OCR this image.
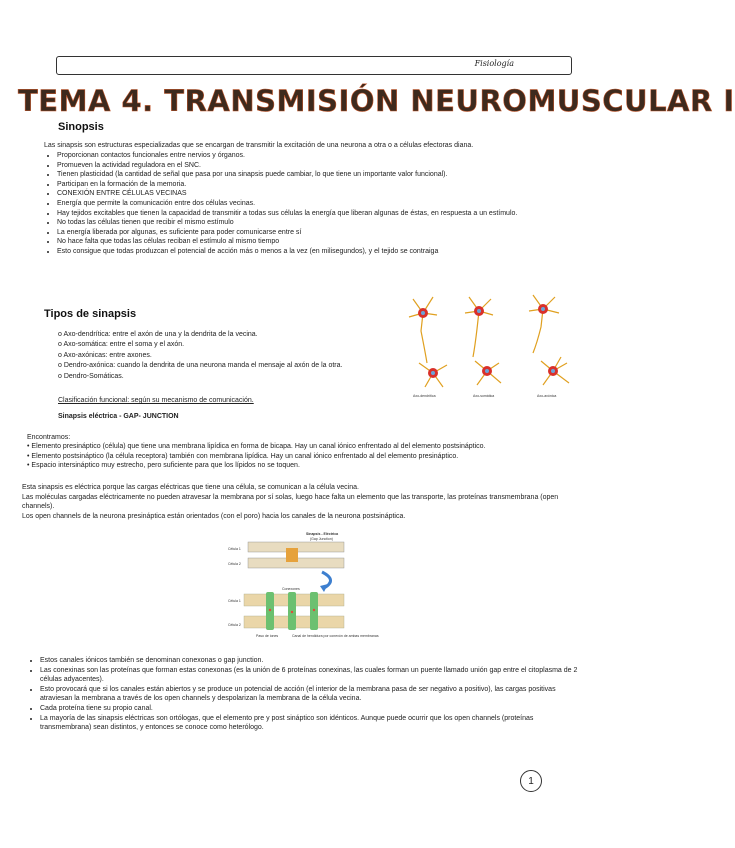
Fisiología
TEMA 4. TRANSMISIÓN NEUROMUSCULAR I
Sinopsis
Las sinapsis son estructuras especializadas que se encargan de transmitir la excitación de una neurona a otra o a células efectoras diana.
• Proporcionan contactos funcionales entre nervios y órganos.
• Promueven la actividad reguladora en el SNC.
• Tienen plasticidad (la cantidad de señal que pasa por una sinapsis puede cambiar, lo que tiene un importante valor funcional).
• Participan en la formación de la memoria.
• CONEXIÓN ENTRE CÉLULAS VECINAS
• Energía que permite la comunicación entre dos células vecinas.
• Hay tejidos excitables que tienen la capacidad de transmitir a todas sus células la energía que liberan algunas de éstas, en respuesta a un estímulo.
• No todas las células tienen que recibir el mismo estímulo
• La energía liberada por algunas, es suficiente para poder comunicarse entre sí
• No hace falta que todas las células reciban el estímulo al mismo tiempo
• Esto consigue que todas produzcan el potencial de acción más o menos a la vez (en milisegundos), y el tejido se contraiga
Tipos de sinapsis
o Axo-dendrítica: entre el axón de una y la dendrita de la vecina.
o Axo-somática: entre el soma y el axón.
o Axo-axónicas: entre axones.
o Dendro-axónica: cuando la dendrita de una neurona manda el mensaje al axón de la otra.
o Dendro-Somáticas.
Clasificación funcional: según su mecanismo de comunicación.
Sinapsis eléctrica - GAP- JUNCTION
Axo-dendrítica	Axo-somática	Axo-axónica
Encontramos:
• Elemento presináptico (célula) que tiene una membrana lipídica en forma de bicapa. Hay un canal iónico enfrentado al del elemento postsináptico.
• Elemento postsináptico (la célula receptora) también con membrana lipídica. Hay un canal iónico enfrentado al del elemento presináptico.
• Espacio intersináptico muy estrecho, pero suficiente para que los lípidos no se toquen.
Esta sinapsis es eléctrica porque las cargas eléctricas que tiene una célula, se comunican a la célula vecina.
Las moléculas cargadas eléctricamente no pueden atravesar la membrana por sí solas, luego hace falta un elemento que las transporte, las proteínas transmembrana (open channels).
Los open channels de la neurona presináptica están orientados (con el poro) hacia los canales de la neurona postsináptica.
Sinapsis - Eléctrica
(Gap Junction)
Célula 1
Célula 2
Conexones
Célula 1
Célula 2
Paso de iones	Canal de hendidura por conexón de ambas membranas
• Estos canales iónicos también se denominan conexonas o gap junction.
• Las conexinas son las proteínas que forman estas conexonas (es la unión de 6 proteínas conexinas, las cuales forman un puente llamado unión gap entre el citoplasma de 2 células adyacentes).
• Esto provocará que si los canales están abiertos y se produce un potencial de acción (el interior de la membrana pasa de ser negativo a positivo), las cargas positivas atraviesan la membrana a través de los open channels y despolarizan la membrana de la célula vecina.
• Cada proteína tiene su propio canal.
• La mayoría de las sinapsis eléctricas son ortólogas, que el elemento pre y post sináptico son idénticos. Aunque puede ocurrir que los open channels (proteínas transmembrana) sean distintos, y entonces se conoce como heterólogo.
1
